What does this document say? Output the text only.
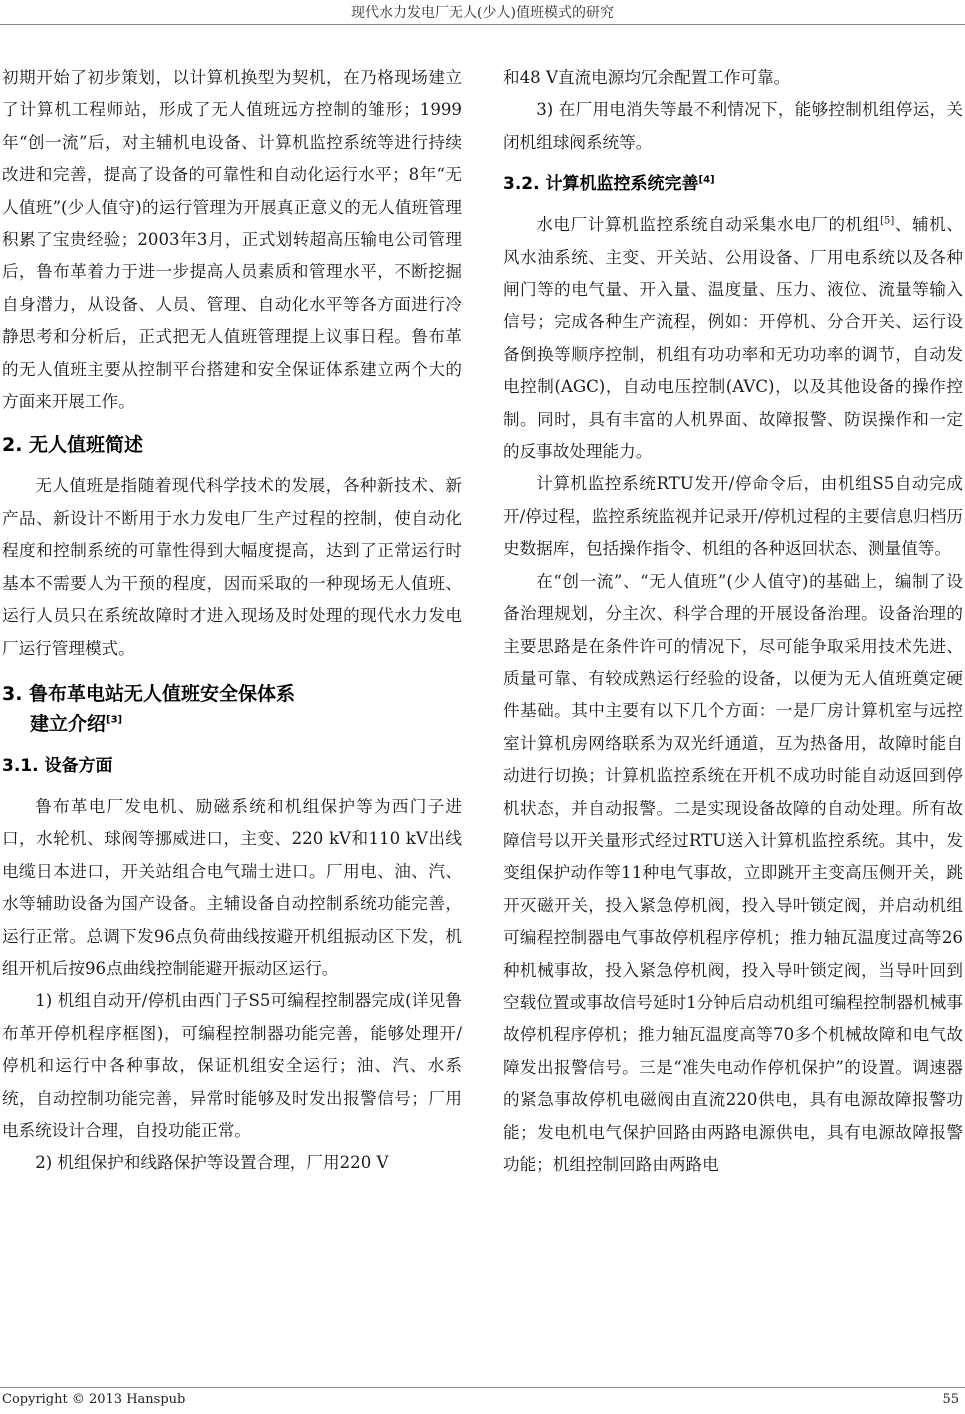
现代水力发电厂无人(少人)值班模式的研究

初期开始了初步策划，以计算机换型为契机，在乃格现场建立了计算机工程师站，形成了无人值班远方控制的雏形；1999年“创一流”后，对主辅机电设备、计算机监控系统等进行持续改进和完善，提高了设备的可靠性和自动化运行水平；8年“无人值班”(少人值守)的运行管理为开展真正意义的无人值班管理积累了宝贵经验；2003年3月，正式划转超高压输电公司管理后，鲁布革着力于进一步提高人员素质和管理水平，不断挖掘自身潜力，从设备、人员、管理、自动化水平等各方面进行冷静思考和分析后，正式把无人值班管理提上议事日程。鲁布革的无人值班主要从控制平台搭建和安全保证体系建立两个大的方面来开展工作。

2. 无人值班简述

无人值班是指随着现代科学技术的发展，各种新技术、新产品、新设计不断用于水力发电厂生产过程的控制，使自动化程度和控制系统的可靠性得到大幅度提高，达到了正常运行时基本不需要人为干预的程度，因而采取的一种现场无人值班、运行人员只在系统故障时才进入现场及时处理的现代水力发电厂运行管理模式。

3. 鲁布革电站无人值班安全保体系
建立介绍[3]
3.1. 设备方面

鲁布革电厂发电机、励磁系统和机组保护等为西门子进口，水轮机、球阀等挪威进口，主变、220 kV和110 kV出线电缆日本进口，开关站组合电气瑞士进口。厂用电、油、汽、水等辅助设备为国产设备。主辅设备自动控制系统功能完善，运行正常。总调下发96点负荷曲线按避开机组振动区下发，机组开机后按96点曲线控制能避开振动区运行。

1) 机组自动开/停机由西门子S5可编程控制器完成(详见鲁布革开停机程序框图)，可编程控制器功能完善，能够处理开/停机和运行中各种事故，保证机组安全运行；油、汽、水系统，自动控制功能完善，异常时能够及时发出报警信号；厂用电系统设计合理，自投功能正常。

2) 机组保护和线路保护等设置合理，厂用220 V

和48 V直流电源均冗余配置工作可靠。

3) 在厂用电消失等最不利情况下，能够控制机组停运，关闭机组球阀系统等。

3.2. 计算机监控系统完善[4]

水电厂计算机监控系统自动采集水电厂的机组[5]、辅机、风水油系统、主变、开关站、公用设备、厂用电系统以及各种闸门等的电气量、开入量、温度量、压力、液位、流量等输入信号；完成各种生产流程，例如：开停机、分合开关、运行设备倒换等顺序控制，机组有功功率和无功功率的调节，自动发电控制(AGC)，自动电压控制(AVC)，以及其他设备的操作控制。同时，具有丰富的人机界面、故障报警、防误操作和一定的反事故处理能力。

计算机监控系统RTU发开/停命令后，由机组S5自动完成开/停过程，监控系统监视并记录开/停机过程的主要信息归档历史数据库，包括操作指令、机组的各种返回状态、测量值等。

在“创一流”、“无人值班”(少人值守)的基础上，编制了设备治理规划，分主次、科学合理的开展设备治理。设备治理的主要思路是在条件许可的情况下，尽可能争取采用技术先进、质量可靠、有较成熟运行经验的设备，以便为无人值班奠定硬件基础。其中主要有以下几个方面：一是厂房计算机室与远控室计算机房网络联系为双光纤通道，互为热备用，故障时能自动进行切换；计算机监控系统在开机不成功时能自动返回到停机状态，并自动报警。二是实现设备故障的自动处理。所有故障信号以开关量形式经过RTU送入计算机监控系统。其中，发变组保护动作等11种电气事故，立即跳开主变高压侧开关，跳开灭磁开关，投入紧急停机阀，投入导叶锁定阀，并启动机组可编程控制器电气事故停机程序停机；推力轴瓦温度过高等26种机械事故，投入紧急停机阀，投入导叶锁定阀，当导叶回到空载位置或事故信号延时1分钟后启动机组可编程控制器机械事故停机程序停机；推力轴瓦温度高等70多个机械故障和电气故障发出报警信号。三是“准失电动作停机保护”的设置。调速器的紧急事故停机电磁阀由直流220供电，具有电源故障报警功能；发电机电气保护回路由两路电源供电，具有电源故障报警功能；机组控制回路由两路电

Copyright © 2013 Hanspub	55
